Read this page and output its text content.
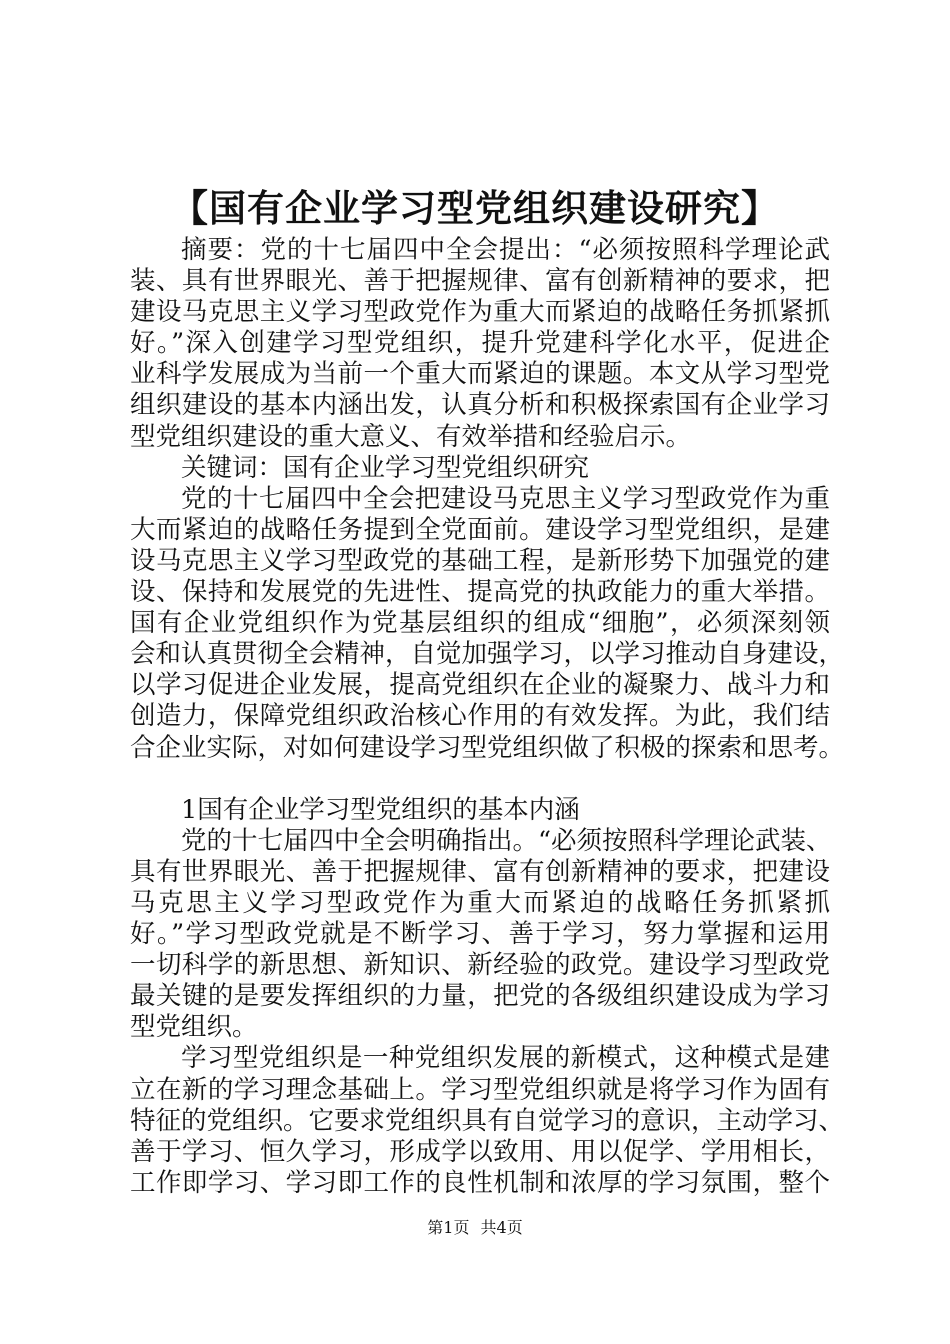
【国有企业学习型党组织建设研究】
摘要：党的十七届四中全会提出：“必须按照科学理论武
装、具有世界眼光、善于把握规律、富有创新精神的要求，把
建设马克思主义学习型政党作为重大而紧迫的战略任务抓紧抓
好。”深入创建学习型党组织，提升党建科学化水平，促进企
业科学发展成为当前一个重大而紧迫的课题。本文从学习型党
组织建设的基本内涵出发，认真分析和积极探索国有企业学习
型党组织建设的重大意义、有效举措和经验启示。
关键词：国有企业学习型党组织研究
党的十七届四中全会把建设马克思主义学习型政党作为重
大而紧迫的战略任务提到全党面前。建设学习型党组织，是建
设马克思主义学习型政党的基础工程，是新形势下加强党的建
设、保持和发展党的先进性、提高党的执政能力的重大举措。
国有企业党组织作为党基层组织的组成“细胞”，必须深刻领
会和认真贯彻全会精神，自觉加强学习，以学习推动自身建设，
以学习促进企业发展，提高党组织在企业的凝聚力、战斗力和
创造力，保障党组织政治核心作用的有效发挥。为此，我们结
合企业实际，对如何建设学习型党组织做了积极的探索和思考。
1国有企业学习型党组织的基本内涵
党的十七届四中全会明确指出。“必须按照科学理论武装、
具有世界眼光、善于把握规律、富有创新精神的要求，把建设
马克思主义学习型政党作为重大而紧迫的战略任务抓紧抓
好。”学习型政党就是不断学习、善于学习，努力掌握和运用
一切科学的新思想、新知识、新经验的政党。建设学习型政党
最关键的是要发挥组织的力量，把党的各级组织建设成为学习
型党组织。
学习型党组织是一种党组织发展的新模式，这种模式是建
立在新的学习理念基础上。学习型党组织就是将学习作为固有
特征的党组织。它要求党组织具有自觉学习的意识，主动学习、
善于学习、恒久学习，形成学以致用、用以促学、学用相长，
工作即学习、学习即工作的良性机制和浓厚的学习氛围，整个
第1页 共4页
